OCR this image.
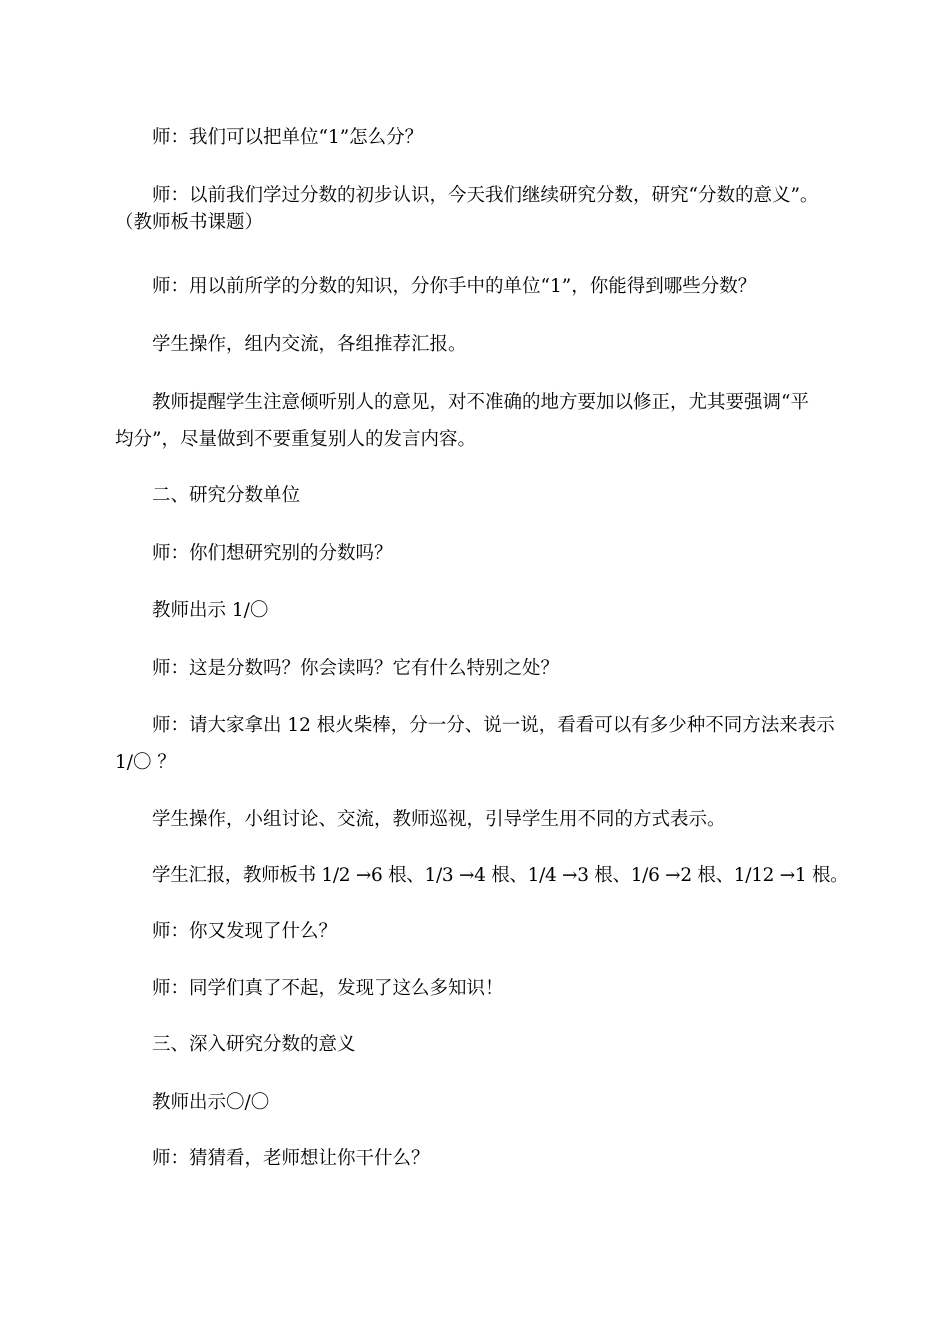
师：我们可以把单位“1”怎么分？

师：以前我们学过分数的初步认识，今天我们继续研究分数，研究“分数的意义”。
（教师板书课题）

师：用以前所学的分数的知识，分你手中的单位“1”，你能得到哪些分数？

学生操作，组内交流，各组推荐汇报。

教师提醒学生注意倾听别人的意见，对不准确的地方要加以修正，尤其要强调“平
均分”，尽量做到不要重复别人的发言内容。

二、研究分数单位

师：你们想研究别的分数吗？

教师出示 1/〇

师：这是分数吗？你会读吗？它有什么特别之处？

师：请大家拿出 12 根火柴棒，分一分、说一说，看看可以有多少种不同方法来表示
1/〇 ？

学生操作，小组讨论、交流，教师巡视，引导学生用不同的方式表示。

学生汇报，教师板书 1/2 →6 根、1/3 →4 根、1/4 →3 根、1/6 →2 根、1/12 →1 根。

师：你又发现了什么？

师：同学们真了不起，发现了这么多知识！

三、深入研究分数的意义

教师出示〇/〇

师：猜猜看，老师想让你干什么？
